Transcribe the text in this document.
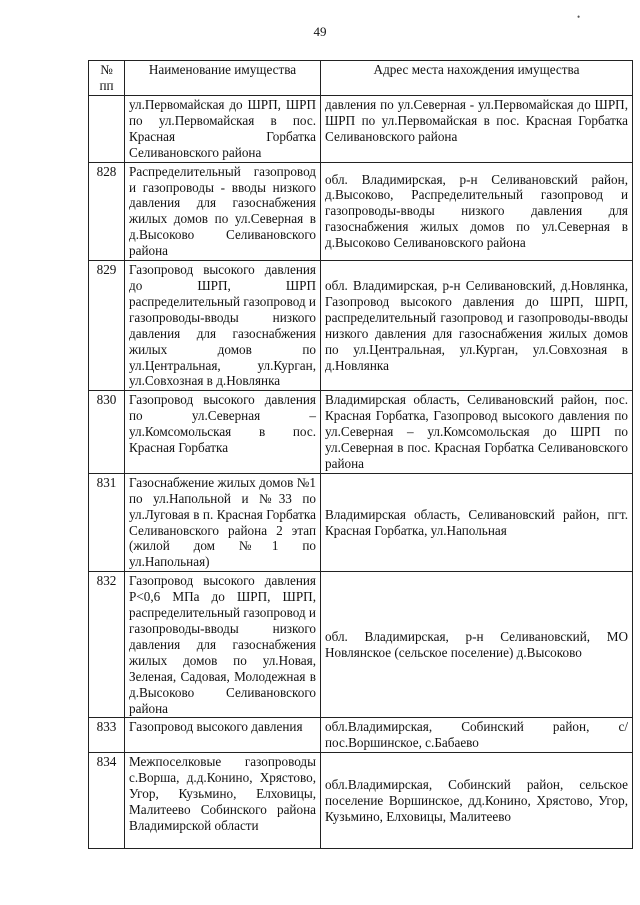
49
•
№
пп	Наименование имущества	Адрес места нахождения имущества
	ул.Первомайская до ШРП, ШРП по ул.Первомайская в пос. Красная Горбатка Селивановского района	давления по ул.Северная - ул.Первомайская до ШРП, ШРП по ул.Первомайская в пос. Красная Горбатка Селивановского района
828	Распределительный газопровод и газопроводы - вводы низкого давления для газоснабжения жилых домов по ул.Северная в д.Высоково Селивановского района	обл. Владимирская, р-н Селивановский район, д.Высоково, Распределительный газопровод и газопроводы-вводы низкого давления для газоснабжения жилых домов по ул.Северная в д.Высоково Селивановского района
829	Газопровод высокого давления до ШРП, ШРП распределительный газопровод и газопроводы-вводы низкого давления для газоснабжения жилых домов по ул.Центральная, ул.Курган, ул.Совхозная в д.Новлянка	обл. Владимирская, р-н Селивановский, д.Новлянка, Газопровод высокого давления до ШРП, ШРП, распределительный газопровод и газопроводы-вводы низкого давления для газоснабжения жилых домов по ул.Центральная, ул.Курган, ул.Совхозная в д.Новлянка
830	Газопровод высокого давления по ул.Северная – ул.Комсомольская в пос. Красная Горбатка	Владимирская область, Селивановский район, пос. Красная Горбатка, Газопровод высокого давления по ул.Северная – ул.Комсомольская до ШРП по ул.Северная в пос. Красная Горбатка Селивановского района
831	Газоснабжение жилых домов №1 по ул.Напольной и №33 по ул.Луговая в п. Красная Горбатка Селивановского района 2 этап (жилой дом №1 по ул.Напольная)	Владимирская область, Селивановский район, пгт. Красная Горбатка, ул.Напольная
832	Газопровод высокого давления Р<0,6 МПа до ШРП, ШРП, распределительный газопровод и газопроводы-вводы низкого давления для газоснабжения жилых домов по ул.Новая, Зеленая, Садовая, Молодежная в д.Высоково Селивановского района	обл. Владимирская, р-н Селивановский, МО Новлянское (сельское поселение) д.Высоково
833	Газопровод высокого давления	обл.Владимирская, Собинский район, с/пос.Воршинское, с.Бабаево
834	Межпоселковые газопроводы с.Ворша, д.д.Конино, Хрястово, Угор, Кузьмино, Елховицы, Малитеево Собинского района Владимирской области	обл.Владимирская, Собинский район, сельское поселение Воршинское, дд.Конино, Хрястово, Угор, Кузьмино, Елховицы, Малитеево
